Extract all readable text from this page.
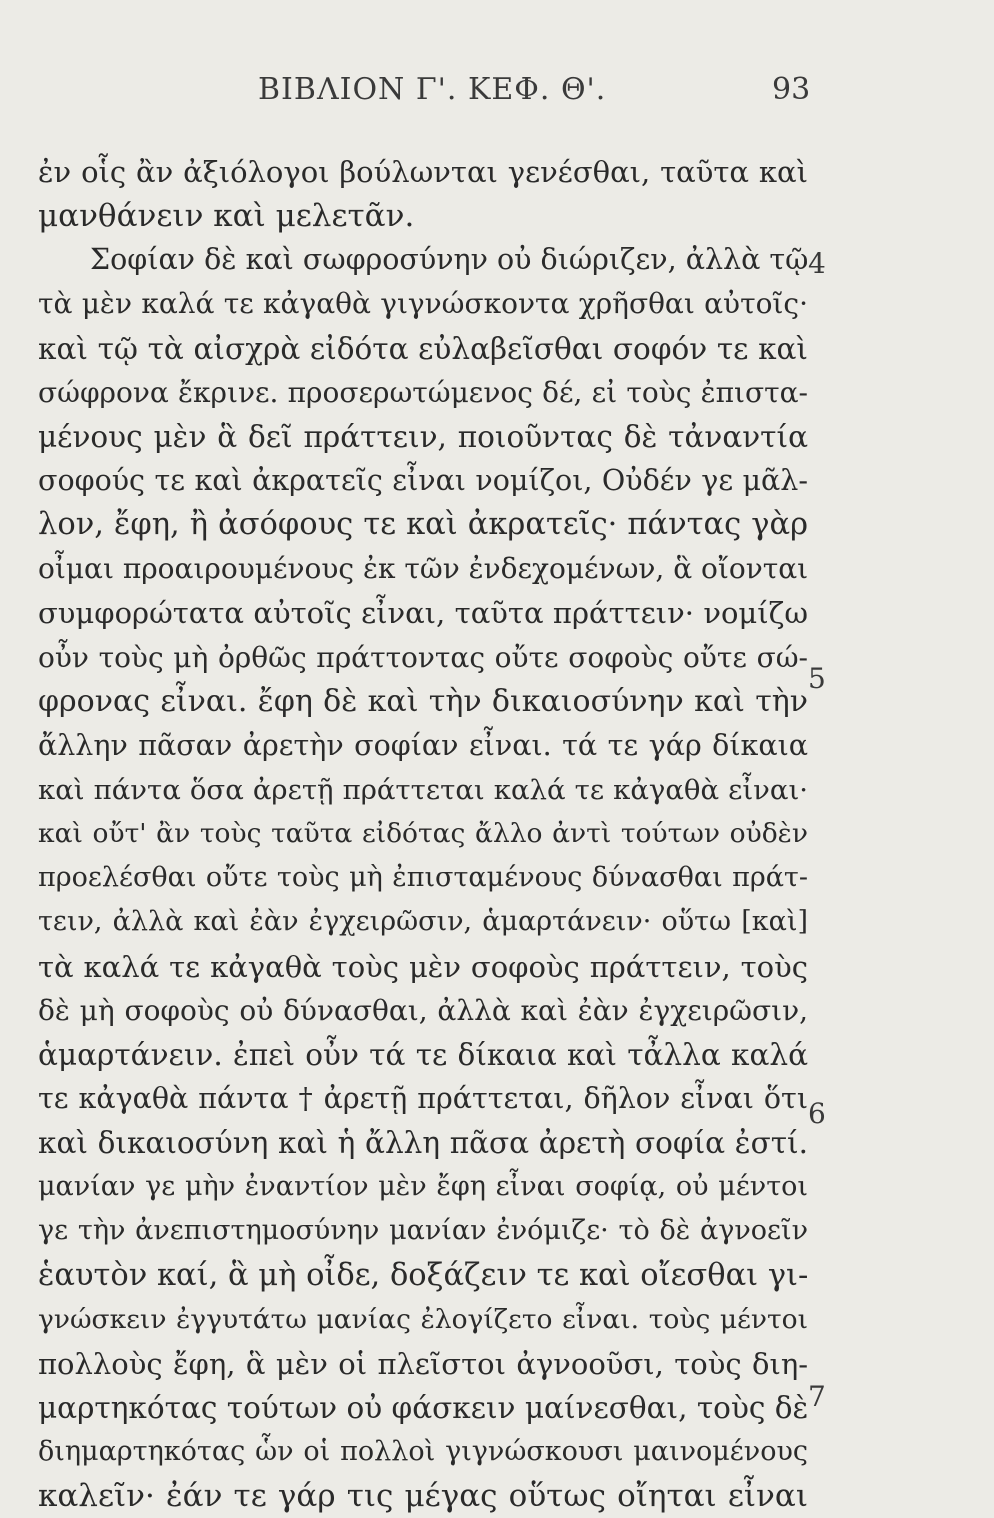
ΒΙΒΛΙΟΝ Γ'. ΚΕΦ. Θ'.	93
ἐν οἷς ἂν ἀξιόλογοι βούλωνται γενέσθαι, ταῦτα καὶ
μανθάνειν καὶ μελετᾶν.
Σοφίαν δὲ καὶ σωφροσύνην οὐ διώριζεν, ἀλλὰ τῷ
τὰ μὲν καλά τε κἀγαθὰ γιγνώσκοντα χρῆσθαι αὐτοῖς·
καὶ τῷ τὰ αἰσχρὰ εἰδότα εὐλαβεῖσθαι σοφόν τε καὶ
σώφρονα ἔκρινε. προσερωτώμενος δέ, εἰ τοὺς ἐπιστα-
μένους μὲν ἃ δεῖ πράττειν, ποιοῦντας δὲ τἀναντία
σοφούς τε καὶ ἀκρατεῖς εἶναι νομίζοι, Οὐδέν γε μᾶλ-
λον, ἔφη, ἢ ἀσόφους τε καὶ ἀκρατεῖς· πάντας γὰρ
οἶμαι προαιρουμένους ἐκ τῶν ἐνδεχομένων, ἃ οἴονται
συμφορώτατα αὐτοῖς εἶναι, ταῦτα πράττειν· νομίζω
οὖν τοὺς μὴ ὀρθῶς πράττοντας οὔτε σοφοὺς οὔτε σώ-
φρονας εἶναι. ἔφη δὲ καὶ τὴν δικαιοσύνην καὶ τὴν
ἄλλην πᾶσαν ἀρετὴν σοφίαν εἶναι. τά τε γάρ δίκαια
καὶ πάντα ὅσα ἀρετῇ πράττεται καλά τε κἀγαθὰ εἶναι·
καὶ οὔτ' ἂν τοὺς ταῦτα εἰδότας ἄλλο ἀντὶ τούτων οὐδὲν
προελέσθαι οὔτε τοὺς μὴ ἐπισταμένους δύνασθαι πράτ-
τειν, ἀλλὰ καὶ ἐὰν ἐγχειρῶσιν, ἁμαρτάνειν· οὕτω [καὶ]
τὰ καλά τε κἀγαθὰ τοὺς μὲν σοφοὺς πράττειν, τοὺς
δὲ μὴ σοφοὺς οὐ δύνασθαι, ἀλλὰ καὶ ἐὰν ἐγχειρῶσιν,
ἁμαρτάνειν. ἐπεὶ οὖν τά τε δίκαια καὶ τἆλλα καλά
τε κἀγαθὰ πάντα † ἀρετῇ πράττεται, δῆλον εἶναι ὅτι
καὶ δικαιοσύνη καὶ ἡ ἄλλη πᾶσα ἀρετὴ σοφία ἐστί.
μανίαν γε μὴν ἐναντίον μὲν ἔφη εἶναι σοφίᾳ, οὐ μέντοι
γε τὴν ἀνεπιστημοσύνην μανίαν ἐνόμιζε· τὸ δὲ ἀγνοεῖν
ἑαυτὸν καί, ἃ μὴ οἶδε, δοξάζειν τε καὶ οἴεσθαι γι-
γνώσκειν ἐγγυτάτω μανίας ἐλογίζετο εἶναι. τοὺς μέντοι
πολλοὺς ἔφη, ἃ μὲν οἱ πλεῖστοι ἀγνοοῦσι, τοὺς διη-
μαρτηκότας τούτων οὐ φάσκειν μαίνεσθαι, τοὺς δὲ
διημαρτηκότας ὧν οἱ πολλοὶ γιγνώσκουσι μαινομένους
καλεῖν· ἐάν τε γάρ τις μέγας οὕτως οἴηται εἶναι
4
5
6
7
